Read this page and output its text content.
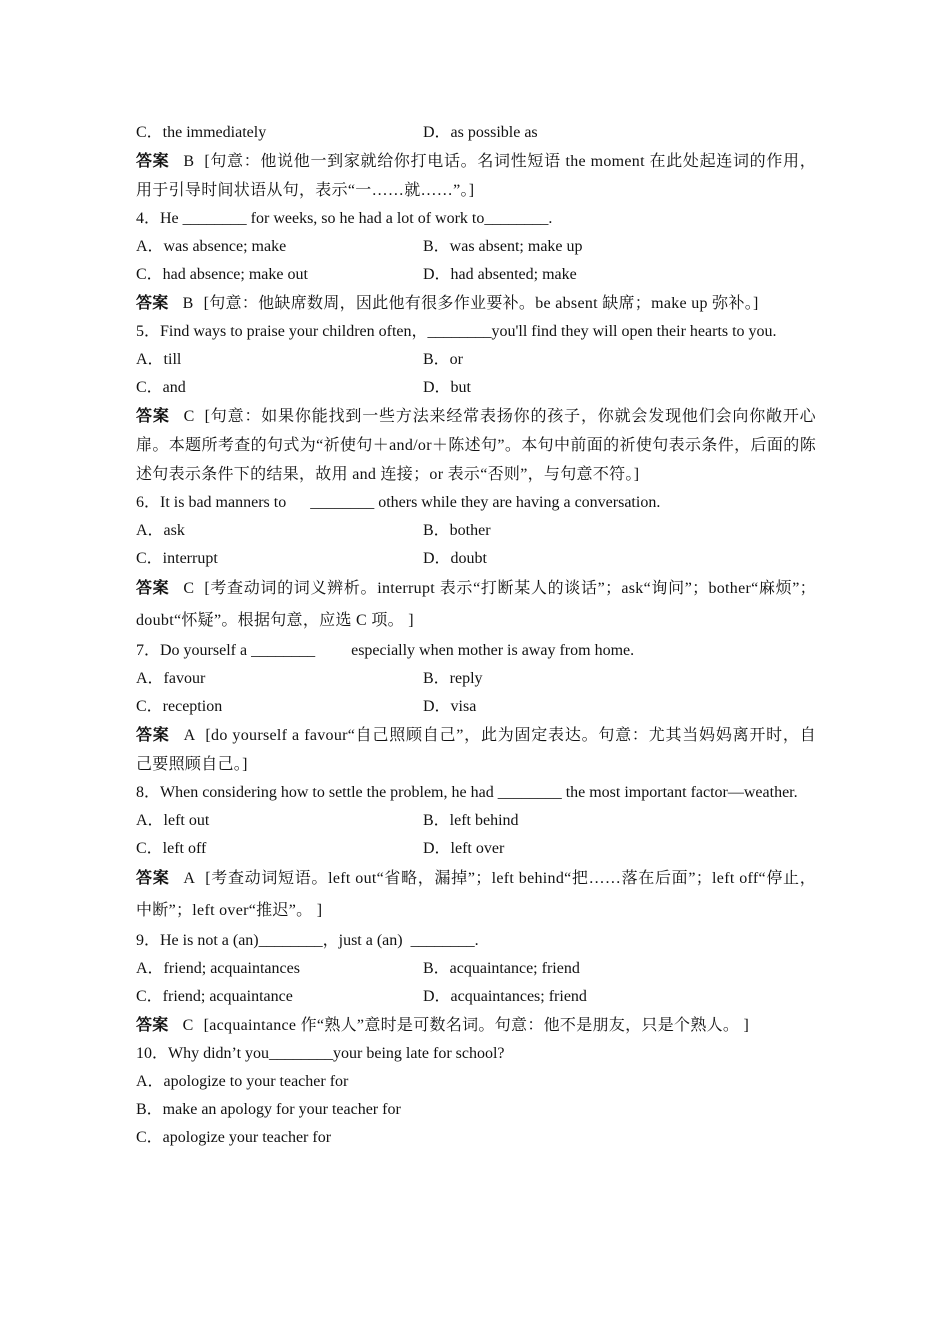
C．the immediately	D．as possible as
答案 B [句意：他说他一到家就给你打电话。名词性短语 the moment 在此处起连词的作用，用于引导时间状语从句，表示“一……就……”。]
4．He ________ for weeks, so he had a lot of work to________.
A．was absence; make	B．was absent; make up
C．had absence; make out	D．had absented; make
答案 B [句意：他缺席数周，因此他有很多作业要补。be absent 缺席；make up 弥补。]
5．Find ways to praise your children often，________you'll find they will open their hearts to you.
A．till	B．or
C．and	D．but
答案 C [句意：如果你能找到一些方法来经常表扬你的孩子，你就会发现他们会向你敞开心扉。本题所考查的句式为“祈使句＋and/or＋陈述句”。本句中前面的祈使句表示条件，后面的陈述句表示条件下的结果，故用 and 连接；or 表示“否则”，与句意不符。]
6．It is bad manners to      ________ others while they are having a conversation.
A．ask	B．bother
C．interrupt	D．doubt
答案 C [考查动词的词义辨析。interrupt 表示“打断某人的谈话”；ask“询问”；bother“麻烦”；doubt“怀疑”。根据句意，应选 C 项。 ]
7．Do yourself a ________         especially when mother is away from home.
A．favour	B．reply
C．reception	D．visa
答案 A [do yourself a favour“自己照顾自己”，此为固定表达。句意：尤其当妈妈离开时，自己要照顾自己。]
8．When considering how to settle the problem, he had ________ the most important factor—weather.
A．left out	B．left behind
C．left off	D．left over
答案 A [考查动词短语。left out“省略，漏掉”；left behind“把……落在后面”；left off“停止，中断”；left over“推迟”。 ]
9．He is not a (an)________，just a (an)  ________.
A．friend; acquaintances	B．acquaintance; friend
C．friend; acquaintance	D．acquaintances; friend
答案 C [acquaintance 作“熟人”意时是可数名词。句意：他不是朋友，只是个熟人。 ]
10．Why didn’t you________your being late for school?
A．apologize to your teacher for
B．make an apology for your teacher for
C．apologize your teacher for
